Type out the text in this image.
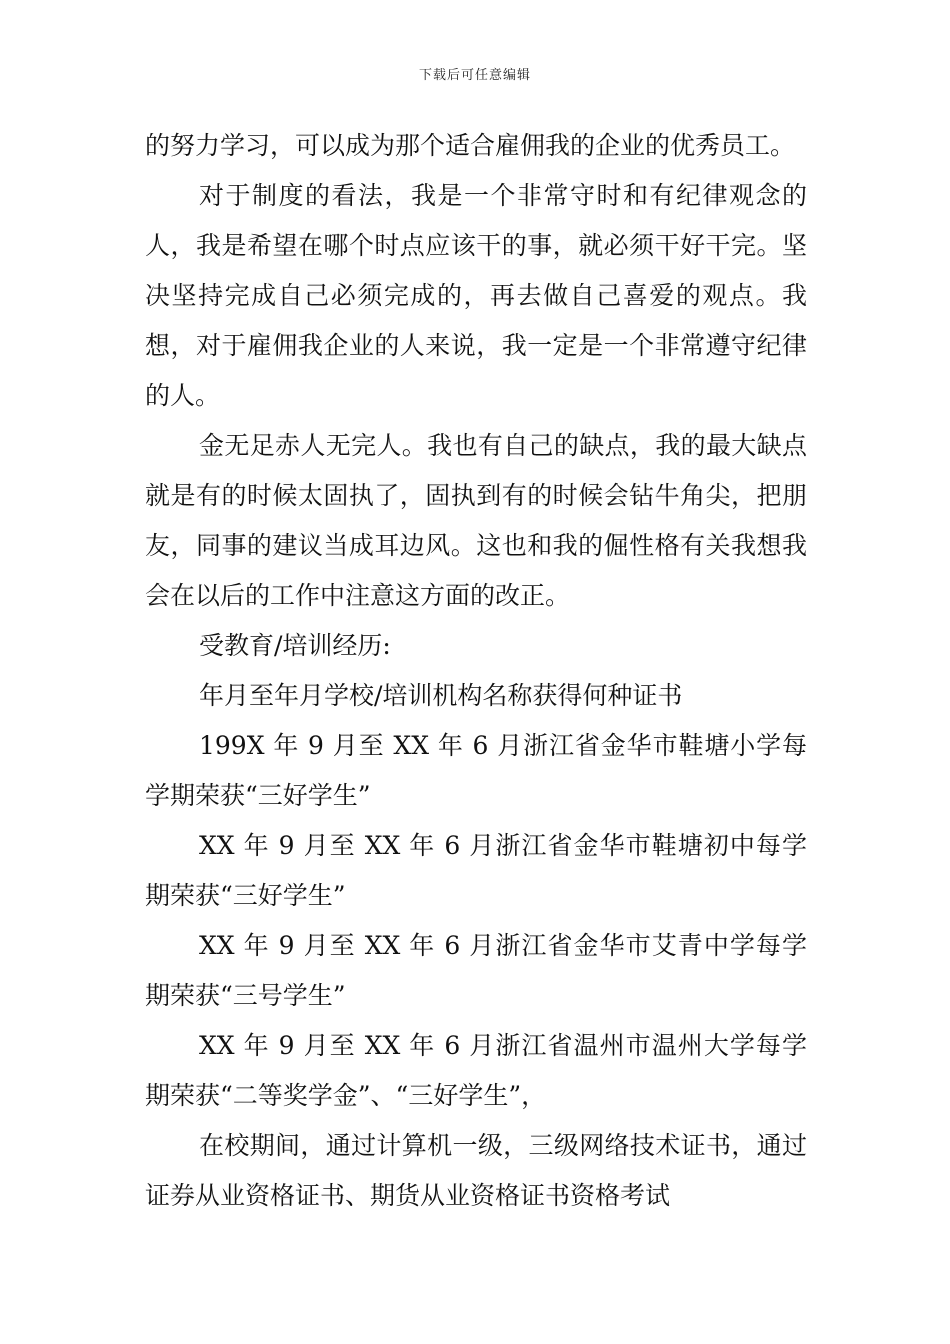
下载后可任意编辑

的努力学习，可以成为那个适合雇佣我的企业的优秀员工。

对于制度的看法，我是一个非常守时和有纪律观念的人，我是希望在哪个时点应该干的事，就必须干好干完。坚决坚持完成自己必须完成的，再去做自己喜爱的观点。我想，对于雇佣我企业的人来说，我一定是一个非常遵守纪律的人。

金无足赤人无完人。我也有自己的缺点，我的最大缺点就是有的时候太固执了，固执到有的时候会钻牛角尖，把朋友，同事的建议当成耳边风。这也和我的倔性格有关我想我会在以后的工作中注意这方面的改正。

受教育/培训经历:

年月至年月学校/培训机构名称获得何种证书

199X 年 9 月至 XX 年 6 月浙江省金华市鞋塘小学每学期荣获“三好学生”

XX 年 9 月至 XX 年 6 月浙江省金华市鞋塘初中每学期荣获“三好学生”

XX 年 9 月至 XX 年 6 月浙江省金华市艾青中学每学期荣获“三号学生”

XX 年 9 月至 XX 年 6 月浙江省温州市温州大学每学期荣获“二等奖学金”、“三好学生”，

在校期间，通过计算机一级，三级网络技术证书，通过证券从业资格证书、期货从业资格证书资格考试
